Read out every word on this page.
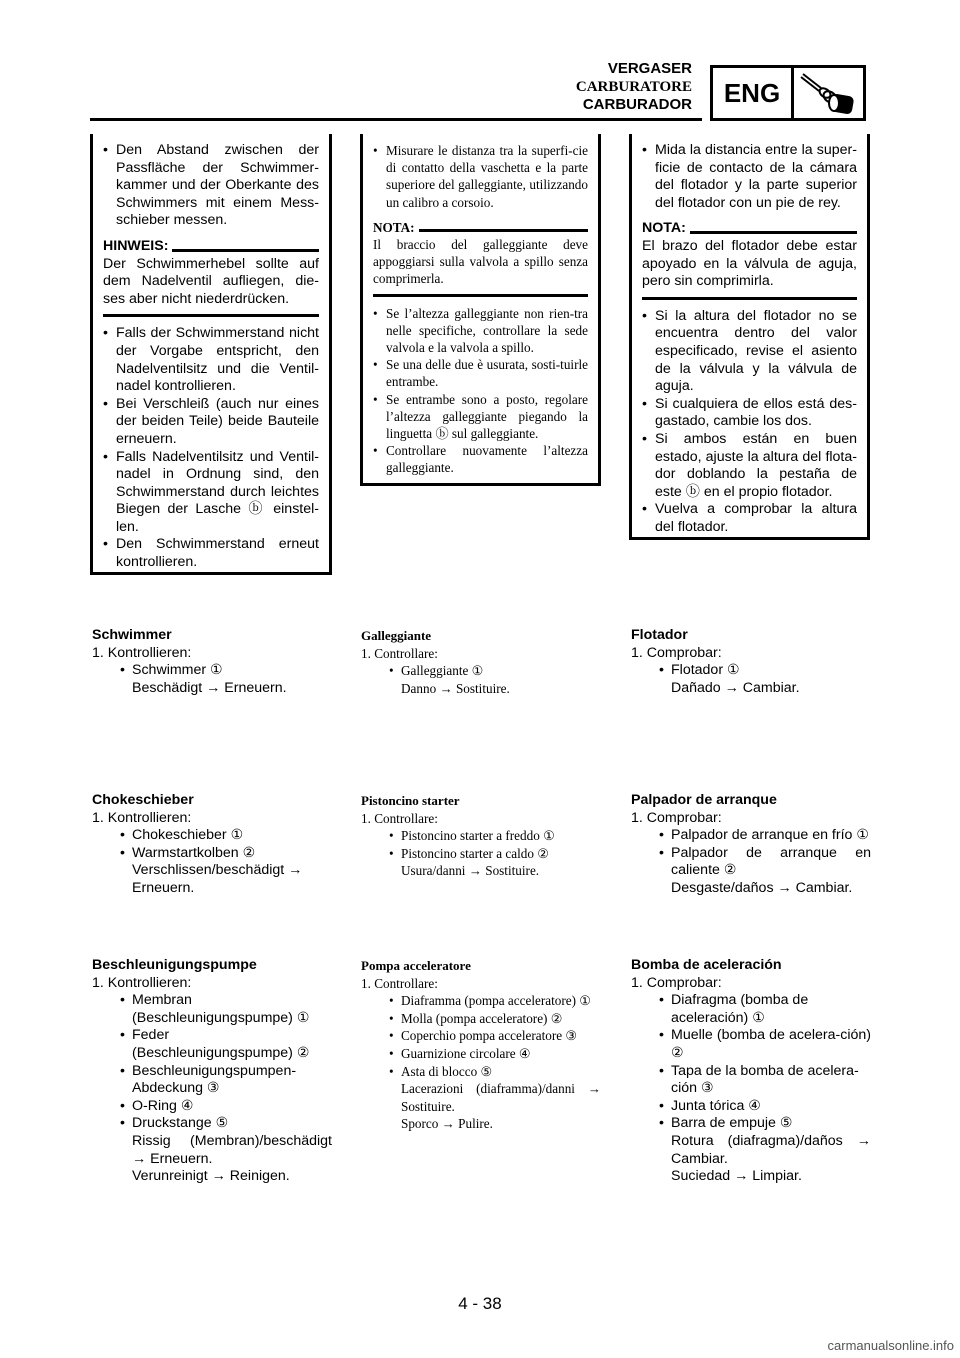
VERGASER
CARBURATORE
CARBURADOR	ENG
• Den Abstand zwischen der Passfläche der Schwimmer-kammer und der Oberkante des Schwimmers mit einem Mess-schieber messen.
HINWEIS:
Der Schwimmerhebel sollte auf dem Nadelventil aufliegen, die-ses aber nicht niederdrücken.
• Falls der Schwimmerstand nicht der Vorgabe entspricht, den Nadelventilsitz und die Ventil-nadel kontrollieren.
• Bei Verschleiß (auch nur eines der beiden Teile) beide Bauteile erneuern.
• Falls Nadelventilsitz und Ventil-nadel in Ordnung sind, den Schwimmerstand durch leichtes Biegen der Lasche ⓑ einstel-len.
• Den Schwimmerstand erneut kontrollieren.
• Misurare le distanza tra la superfi-cie di contatto della vaschetta e la parte superiore del galleggiante, utilizzando un calibro a corsoio.
NOTA:
Il braccio del galleggiante deve appoggiarsi sulla valvola a spillo senza comprimerla.
• Se l’altezza galleggiante non rien-tra nelle specifiche, controllare la sede valvola e la valvola a spillo.
• Se una delle due è usurata, sosti-tuirle entrambe.
• Se entrambe sono a posto, regolare l’altezza galleggiante piegando la linguetta ⓑ sul galleggiante.
• Controllare nuovamente l’altezza galleggiante.
• Mida la distancia entre la super-ficie de contacto de la cámara del flotador y la parte superior del flotador con un pie de rey.
NOTA:
El brazo del flotador debe estar apoyado en la válvula de aguja, pero sin comprimirla.
• Si la altura del flotador no se encuentra dentro del valor especificado, revise el asiento de la válvula y la válvula de aguja.
• Si cualquiera de ellos está des-gastado, cambie los dos.
• Si ambos están en buen estado, ajuste la altura del flota-dor doblando la pestaña de este ⓑ en el propio flotador.
• Vuelva a comprobar la altura del flotador.
Schwimmer
1. Kontrollieren:
• Schwimmer ①
Beschädigt → Erneuern.
Galleggiante
1. Controllare:
• Galleggiante ①
Danno → Sostituire.
Flotador
1. Comprobar:
• Flotador ①
Dañado → Cambiar.
Chokeschieber
1. Kontrollieren:
• Chokeschieber ①
• Warmstartkolben ②
Verschlissen/beschädigt → Erneuern.
Pistoncino starter
1. Controllare:
• Pistoncino starter a freddo ①
• Pistoncino starter a caldo ②
Usura/danni → Sostituire.
Palpador de arranque
1. Comprobar:
• Palpador de arranque en frío ①
• Palpador de arranque en caliente ②
Desgaste/daños → Cambiar.
Beschleunigungspumpe
1. Kontrollieren:
• Membran (Beschleunigungspumpe) ①
• Feder (Beschleunigungspumpe) ②
• Beschleunigungspumpen-Abdeckung ③
• O-Ring ④
• Druckstange ⑤
Rissig (Membran)/beschädigt → Erneuern.
Verunreinigt → Reinigen.
Pompa acceleratore
1. Controllare:
• Diaframma (pompa acceleratore) ①
• Molla (pompa acceleratore) ②
• Coperchio pompa acceleratore ③
• Guarnizione circolare ④
• Asta di blocco ⑤
Lacerazioni (diaframma)/danni → Sostituire.
Sporco → Pulire.
Bomba de aceleración
1. Comprobar:
• Diafragma (bomba de aceleración) ①
• Muelle (bomba de acelera-ción) ②
• Tapa de la bomba de acelera-ción ③
• Junta tórica ④
• Barra de empuje ⑤
Rotura (diafragma)/daños → Cambiar.
Suciedad → Limpiar.
4 - 38
carmanualsonline.info
